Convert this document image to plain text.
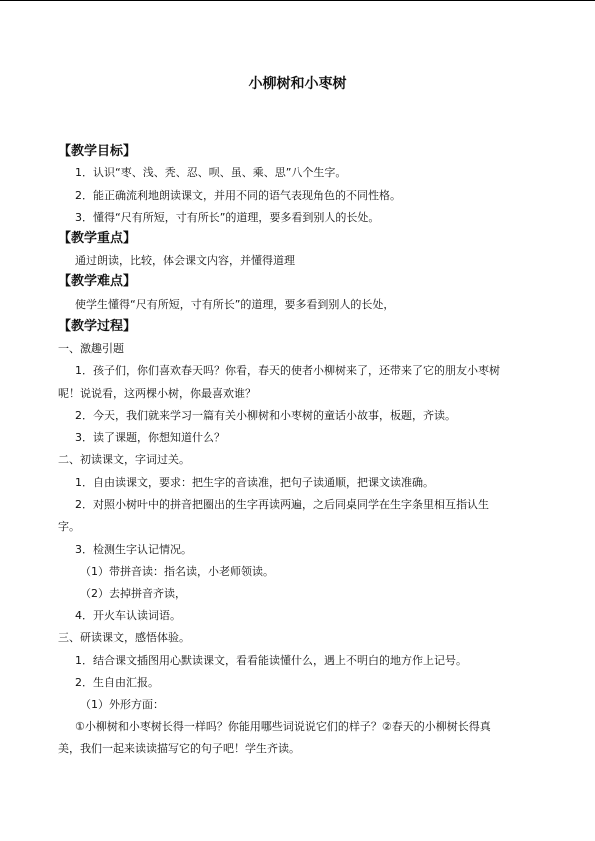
小柳树和小枣树
【教学目标】
1．认识“枣、浅、秃、忍、呗、虽、乘、思”八个生字。
2．能正确流利地朗读课文，并用不同的语气表现角色的不同性格。
3．懂得“尺有所短，寸有所长”的道理，要多看到别人的长处。
【教学重点】
通过朗读，比较，体会课文内容，并懂得道理
【教学难点】
使学生懂得“尺有所短，寸有所长”的道理，要多看到别人的长处，
【教学过程】
一、激趣引题
1．孩子们，你们喜欢春天吗？你看，春天的使者小柳树来了，还带来了它的朋友小枣树
呢！说说看，这两棵小树，你最喜欢谁？
2．今天，我们就来学习一篇有关小柳树和小枣树的童话小故事，板题，齐读。
3．读了课题，你想知道什么？
二、初读课文，字词过关。
1．自由读课文，要求：把生字的音读准，把句子读通顺，把课文读准确。
2．对照小树叶中的拼音把圈出的生字再读两遍，之后同桌同学在生字条里相互指认生
字。
3．检测生字认记情况。
（1）带拼音读：指名读，小老师领读。
（2）去掉拼音齐读，
4．开火车认读词语。
三、研读课文，感悟体验。
1．结合课文插图用心默读课文，看看能读懂什么，遇上不明白的地方作上记号。
2．生自由汇报。
（1）外形方面：
①小柳树和小枣树长得一样吗？你能用哪些词说说它们的样子？②春天的小柳树长得真
美，我们一起来读读描写它的句子吧！学生齐读。
